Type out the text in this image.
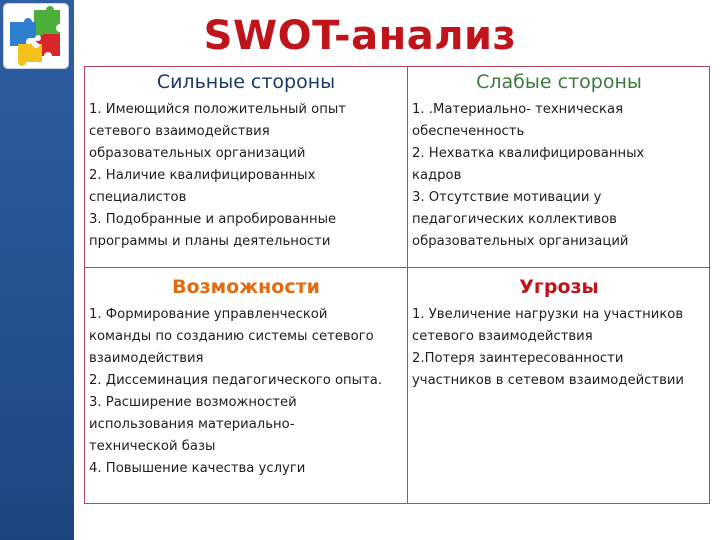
SWOT-анализ
Сильные стороны
1. Имеющийся положительный опыт
сетевого взаимодействия
образовательных организаций
2. Наличие квалифицированных
специалистов
3. Подобранные и апробированные
программы и планы деятельности
Слабые стороны
1. .Материально- техническая
обеспеченность
2. Нехватка квалифицированных
кадров
3. Отсутствие мотивации у
педагогических коллективов
образовательных организаций
Возможности
1. Формирование управленческой
команды по созданию системы сетевого
взаимодействия
2. Диссеминация педагогического опыта.
3. Расширение возможностей
использования материально-
технической базы
4. Повышение качества услуги
Угрозы
1. Увеличение нагрузки на участников
сетевого взаимодействия
2.Потеря заинтересованности
участников в сетевом взаимодействии
